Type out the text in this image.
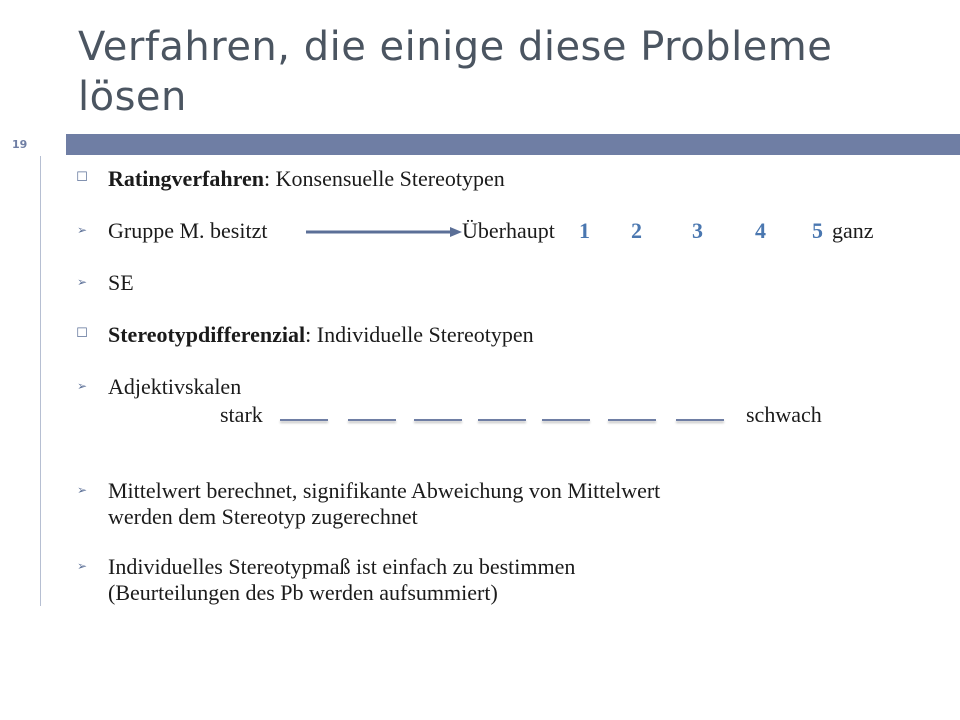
Verfahren, die einige diese Probleme lösen
19
☐ Ratingverfahren: Konsensuelle Stereotypen
➢ Gruppe M. besitzt	Überhaupt 1 2 3 4 5 ganz
➢ SE
☐ Stereotypdifferenzial: Individuelle Stereotypen
➢ Adjektivskalen
stark	schwach
➢ Mittelwert berechnet, signifikante Abweichung von Mittelwert
werden dem Stereotyp zugerechnet
➢ Individuelles Stereotypmaß ist einfach zu bestimmen
(Beurteilungen des Pb werden aufsummiert)
